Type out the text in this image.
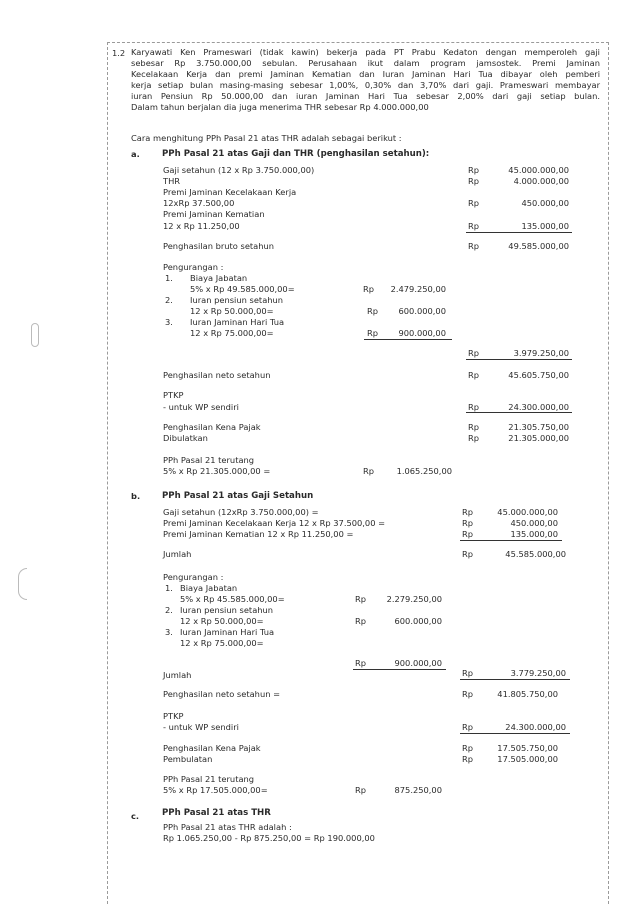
1.2 Karyawati Ken Prameswari (tidak kawin) bekerja pada PT Prabu Kedaton dengan memperoleh gaji
sebesar Rp 3.750.000,00 sebulan. Perusahaan ikut dalam program jamsostek. Premi Jaminan
Kecelakaan Kerja dan premi Jaminan Kematian dan Iuran Jaminan Hari Tua dibayar oleh pemberi
kerja setiap bulan masing-masing sebesar 1,00%, 0,30% dan 3,70% dari gaji. Prameswari membayar
iuran Pensiun Rp 50.000,00 dan iuran Jaminan Hari Tua sebesar 2,00% dari gaji setiap bulan.
Dalam tahun berjalan dia juga menerima THR sebesar Rp 4.000.000,00
Cara menghitung PPh Pasal 21 atas THR adalah sebagai berikut :
a.	PPh Pasal 21 atas Gaji dan THR (penghasilan setahun):
Gaji setahun (12 x Rp 3.750.000,00)	Rp	45.000.000,00
THR	Rp	4.000.000,00
Premi Jaminan Kecelakaan Kerja
12xRp 37.500,00	Rp	450.000,00
Premi Jaminan Kematian
12 x Rp 11.250,00	Rp	135.000,00
Penghasilan bruto setahun	Rp	49.585.000,00
Pengurangan :
1. Biaya Jabatan
5% x Rp 49.585.000,00=	Rp	2.479.250,00
2. Iuran pensiun setahun
12 x Rp 50.000,00=	Rp	600.000,00
3. Iuran Jaminan Hari Tua
12 x Rp 75.000,00=	Rp	900.000,00
Rp	3.979.250,00
Penghasilan neto setahun	Rp	45.605.750,00
PTKP
- untuk WP sendiri	Rp	24.300.000,00
Penghasilan Kena Pajak	Rp	21.305.750,00
Dibulatkan	Rp	21.305.000,00
PPh Pasal 21 terutang
5% x Rp 21.305.000,00 =	Rp	1.065.250,00
b.	PPh Pasal 21 atas Gaji Setahun
Gaji setahun (12xRp 3.750.000,00) =	Rp	45.000.000,00
Premi Jaminan Kecelakaan Kerja 12 x Rp 37.500,00 =	Rp	450.000,00
Premi Jaminan Kematian 12 x Rp 11.250,00 =	Rp	135.000,00
Jumlah	Rp	45.585.000,00
Pengurangan :
1. Biaya Jabatan
5% x Rp 45.585.000,00=	Rp	2.279.250,00
2. Iuran pensiun setahun
12 x Rp 50.000,00=	Rp	600.000,00
3. Iuran Jaminan Hari Tua
12 x Rp 75.000,00=
Rp	900.000,00
Jumlah	Rp	3.779.250,00
Penghasilan neto setahun =	Rp	41.805.750,00
PTKP
- untuk WP sendiri	Rp	24.300.000,00
Penghasilan Kena Pajak	Rp	17.505.750,00
Pembulatan	Rp	17.505.000,00
PPh Pasal 21 terutang
5% x Rp 17.505.000,00=	Rp	875.250,00
c.	PPh Pasal 21 atas THR
PPh Pasal 21 atas THR adalah :
Rp 1.065.250,00 - Rp 875.250,00 = Rp 190.000,00
